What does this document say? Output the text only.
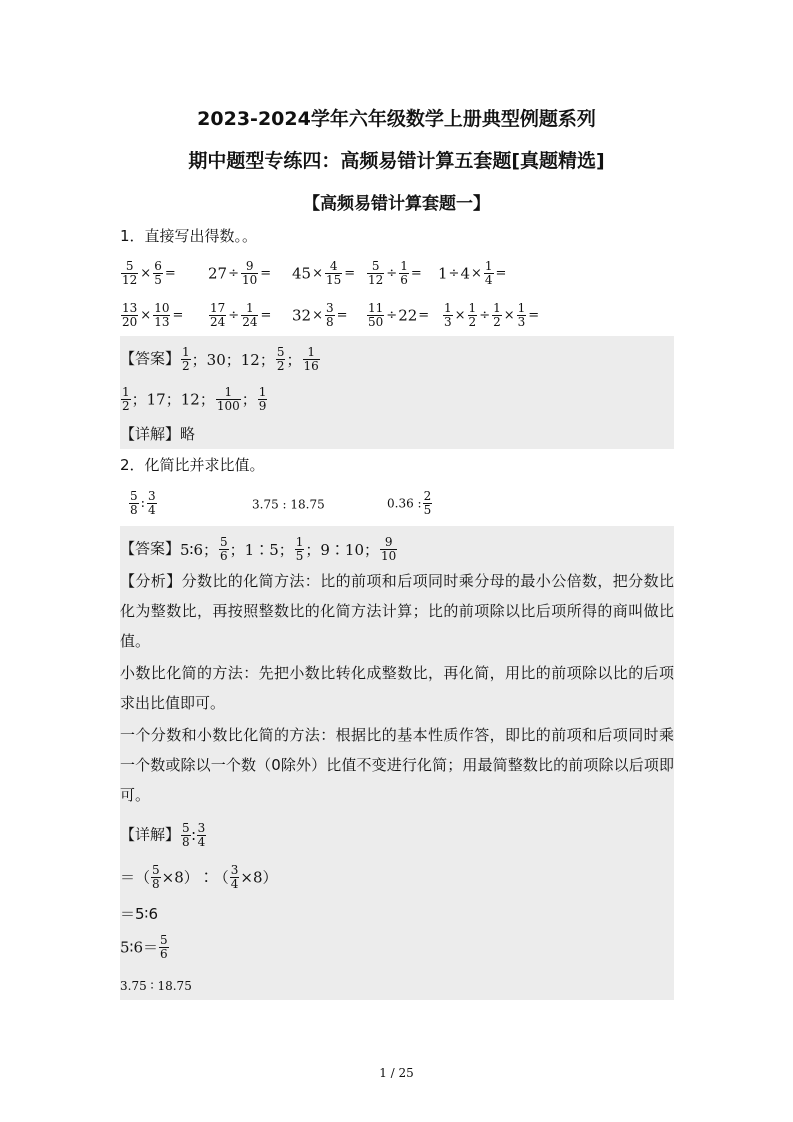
2023-2024学年六年级数学上册典型例题系列
期中题型专练四：高频易错计算五套题[真题精选]
【高频易错计算套题一】
1．直接写出得数。。
$\frac{5}{12} \times \frac{6}{5} = 27\div \frac{9}{10} = 45\times \frac{4}{15} = \frac{5}{12} \div \frac{1}{6} = 1\div 4\times \frac{1}{4}$ =
$\frac{13}{20} \times \frac{10}{13} = \frac{17}{24} \div \frac{1}{24} = 32\times \frac{3}{8} = \frac{11}{50} \div 22= \frac{1}{3} \times \frac{1}{2} \div \frac{1}{2} \times \frac{1}{3}$ =
【答案】 $\frac{1}{2}$ ；30；12； $\frac{5}{2}$ ； $\frac{1}{16}$
$\frac{1}{2}$ ；17；12； $\frac{1}{100}$ ； $\frac{1}{9}$
【详解】略
2．化简比并求比值。
$\frac{5}{8}$ : $\frac{3}{4}$	3.75 : 18.75	0.36 : $\frac{2}{5}$
【答案】5∶6； $\frac{5}{6}$ ；1∶5； $\frac{1}{5}$ ；9∶10； $\frac{9}{10}$
【分析】分数比的化简方法：比的前项和后项同时乘分母的最小公倍数，把分数比化为整数比，再按照整数比的化简方法计算；比的前项除以比后项所得的商叫做比值。
小数比化简的方法：先把小数比转化成整数比，再化简，用比的前项除以比的后项求出比值即可。
一个分数和小数比化简的方法：根据比的基本性质作答，即比的前项和后项同时乘一个数或除以一个数（0除外）比值不变进行化简；用最简整数比的前项除以后项即可。
【详解】 $\frac{5}{8}$ ∶ $\frac{3}{4}$
＝（ $\frac{5}{8}$ ×8）∶（ $\frac{3}{4} \times 8$）
＝5∶6
5∶6＝ $\frac{5}{6}$
3.75 ∶ 18.75
1 / 25
